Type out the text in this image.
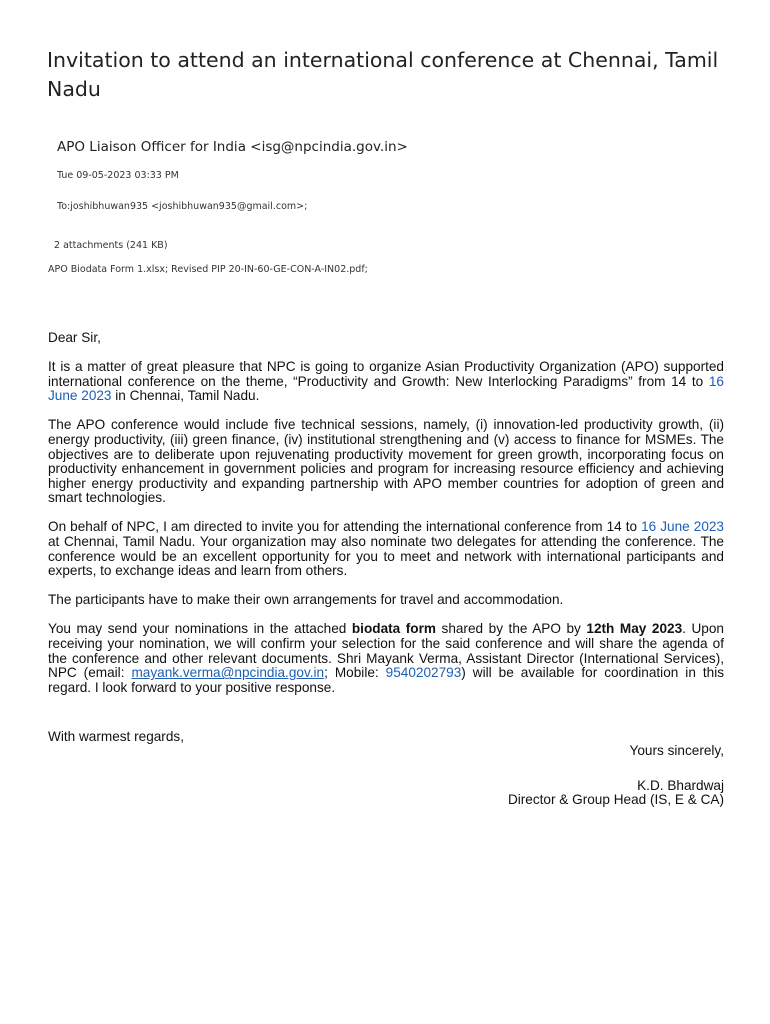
Invitation to attend an international conference at Chennai, Tamil Nadu
APO Liaison Officer for India <isg@npcindia.gov.in>
Tue 09-05-2023 03:33 PM
To:joshibhuwan935 <joshibhuwan935@gmail.com>;
2 attachments (241 KB)
APO Biodata Form 1.xlsx; Revised PIP 20-IN-60-GE-CON-A-IN02.pdf;

Dear Sir,

It is a matter of great pleasure that NPC is going to organize Asian Productivity Organization (APO) supported international conference on the theme, “Productivity and Growth: New Interlocking Paradigms” from 14 to 16 June 2023 in Chennai, Tamil Nadu.

The APO conference would include five technical sessions, namely, (i) innovation-led productivity growth, (ii) energy productivity, (iii) green finance, (iv) institutional strengthening and (v) access to finance for MSMEs. The objectives are to deliberate upon rejuvenating productivity movement for green growth, incorporating focus on productivity enhancement in government policies and program for increasing resource efficiency and achieving higher energy productivity and expanding partnership with APO member countries for adoption of green and smart technologies.

On behalf of NPC, I am directed to invite you for attending the international conference from 14 to 16 June 2023 at Chennai, Tamil Nadu. Your organization may also nominate two delegates for attending the conference. The conference would be an excellent opportunity for you to meet and network with international participants and experts, to exchange ideas and learn from others.

The participants have to make their own arrangements for travel and accommodation.

You may send your nominations in the attached biodata form shared by the APO by 12th May 2023. Upon receiving your nomination, we will confirm your selection for the said conference and will share the agenda of the conference and other relevant documents. Shri Mayank Verma, Assistant Director (International Services), NPC (email: mayank.verma@npcindia.gov.in; Mobile: 9540202793) will be available for coordination in this regard. I look forward to your positive response.

With warmest regards,
Yours sincerely,
K.D. Bhardwaj
Director & Group Head (IS, E & CA)
